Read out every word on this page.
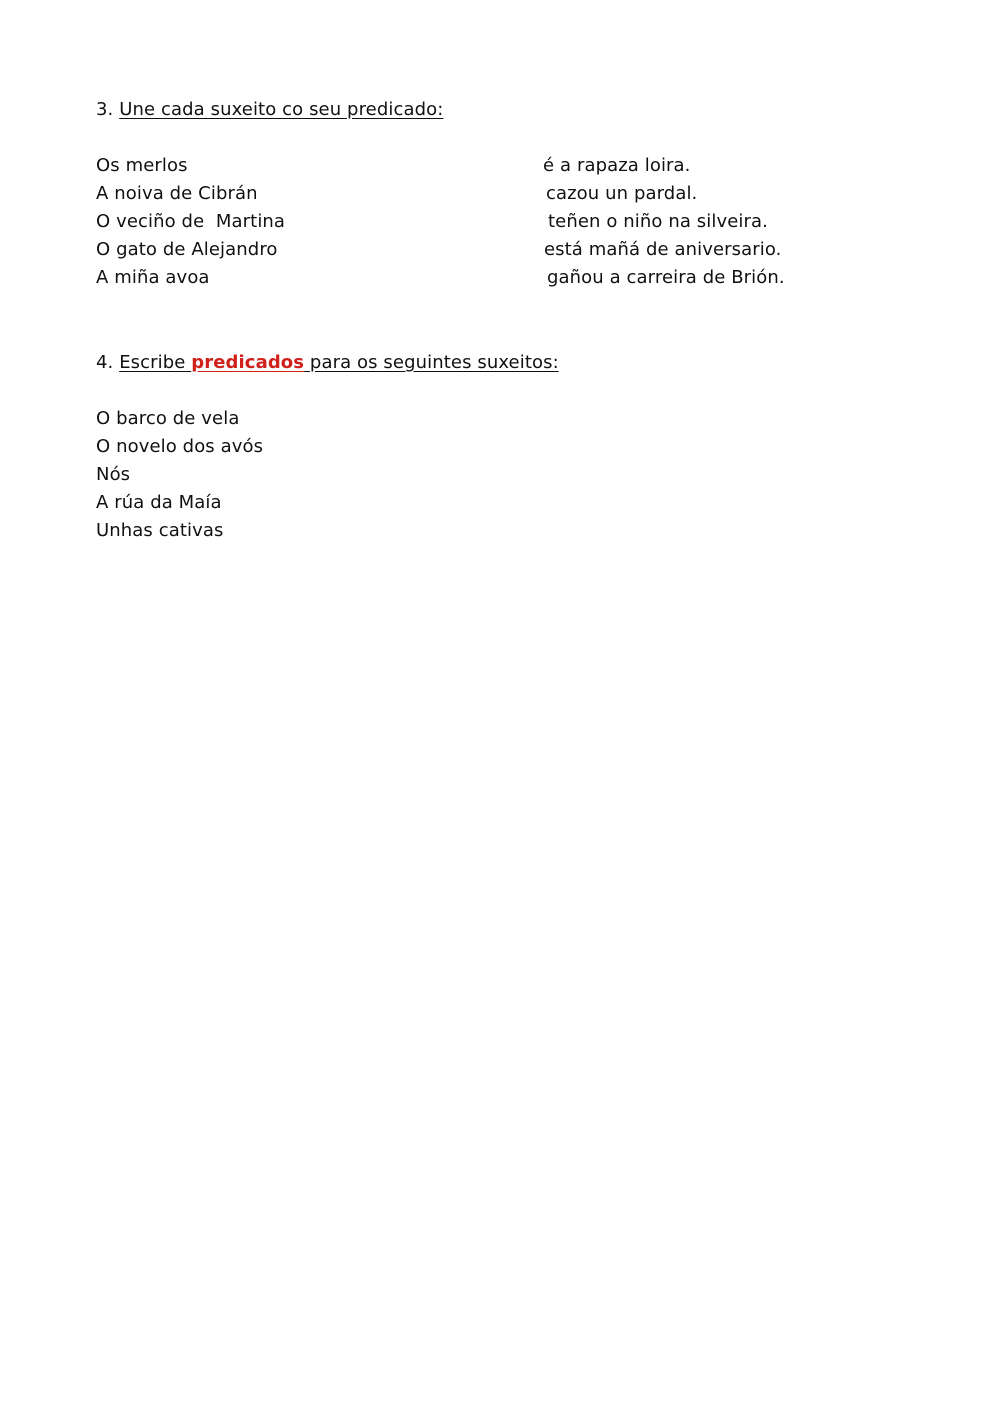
3. Une cada suxeito co seu predicado:
Os merlos
A noiva de Cibrán
O veciño de  Martina
O gato de Alejandro
A miña avoa
é a rapaza loira.
cazou un pardal.
teñen o niño na silveira.
está mañá de aniversario.
gañou a carreira de Brión.
4. Escribe predicados para os seguintes suxeitos:
O barco de vela
O novelo dos avós
Nós
A rúa da Maía
Unhas cativas
